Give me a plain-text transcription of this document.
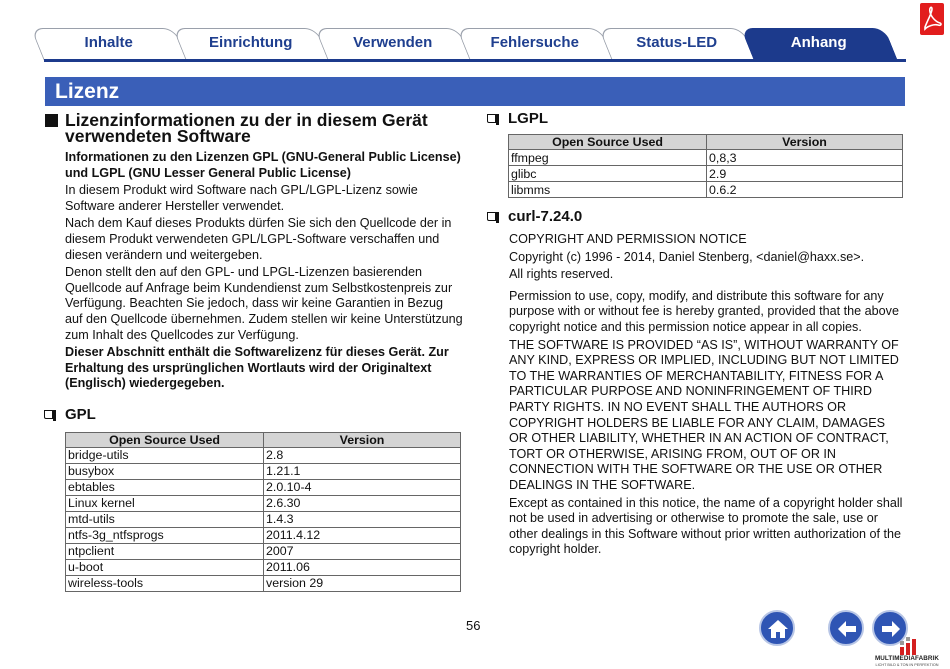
Inhalte	Einrichtung	Verwenden	Fehlersuche	Status-LED	Anhang
Lizenz
Lizenzinformationen zu der in diesem Gerät verwendeten Software

Informationen zu den Lizenzen GPL (GNU-General Public License) und LGPL (GNU Lesser General Public License)

In diesem Produkt wird Software nach GPL/LGPL-Lizenz sowie Software anderer Hersteller verwendet.

Nach dem Kauf dieses Produkts dürfen Sie sich den Quellcode der in diesem Produkt verwendeten GPL/LGPL-Software verschaffen und diesen verändern und weitergeben.

Denon stellt den auf den GPL- und LPGL-Lizenzen basierenden Quellcode auf Anfrage beim Kundendienst zum Selbstkostenpreis zur Verfügung. Beachten Sie jedoch, dass wir keine Garantien in Bezug auf den Quellcode übernehmen. Zudem stellen wir keine Unterstützung zum Inhalt des Quellcodes zur Verfügung.

Dieser Abschnitt enthält die Softwarelizenz für dieses Gerät. Zur Erhaltung des ursprünglichen Wortlauts wird der Originaltext (Englisch) wiedergegeben.

GPL
Open Source Used	Version
bridge-utils	2.8
busybox	1.21.1
ebtables	2.0.10-4
Linux kernel	2.6.30
mtd-utils	1.4.3
ntfs-3g_ntfsprogs	2011.4.12
ntpclient	2007
u-boot	2011.06
wireless-tools	version 29
LGPL
Open Source Used	Version
ffmpeg	0,8,3
glibc	2.9
libmms	0.6.2
curl-7.24.0

COPYRIGHT AND PERMISSION NOTICE

Copyright (c) 1996 - 2014, Daniel Stenberg, <daniel@haxx.se>.

All rights reserved.

Permission to use, copy, modify, and distribute this software for any purpose with or without fee is hereby granted, provided that the above copyright notice and this permission notice appear in all copies.

THE SOFTWARE IS PROVIDED “AS IS”, WITHOUT WARRANTY OF ANY KIND, EXPRESS OR IMPLIED, INCLUDING BUT NOT LIMITED TO THE WARRANTIES OF MERCHANTABILITY, FITNESS FOR A PARTICULAR PURPOSE AND NONINFRINGEMENT OF THIRD PARTY RIGHTS. IN NO EVENT SHALL THE AUTHORS OR COPYRIGHT HOLDERS BE LIABLE FOR ANY CLAIM, DAMAGES OR OTHER LIABILITY, WHETHER IN AN ACTION OF CONTRACT, TORT OR OTHERWISE, ARISING FROM, OUT OF OR IN CONNECTION WITH THE SOFTWARE OR THE USE OR OTHER DEALINGS IN THE SOFTWARE.

Except as contained in this notice, the name of a copyright holder shall not be used in advertising or otherwise to promote the sale, use or other dealings in this Software without prior written authorization of the copyright holder.

56
MULTIMEDIAFABRIK
LICHT BILD & TON IN PERFEKTION
